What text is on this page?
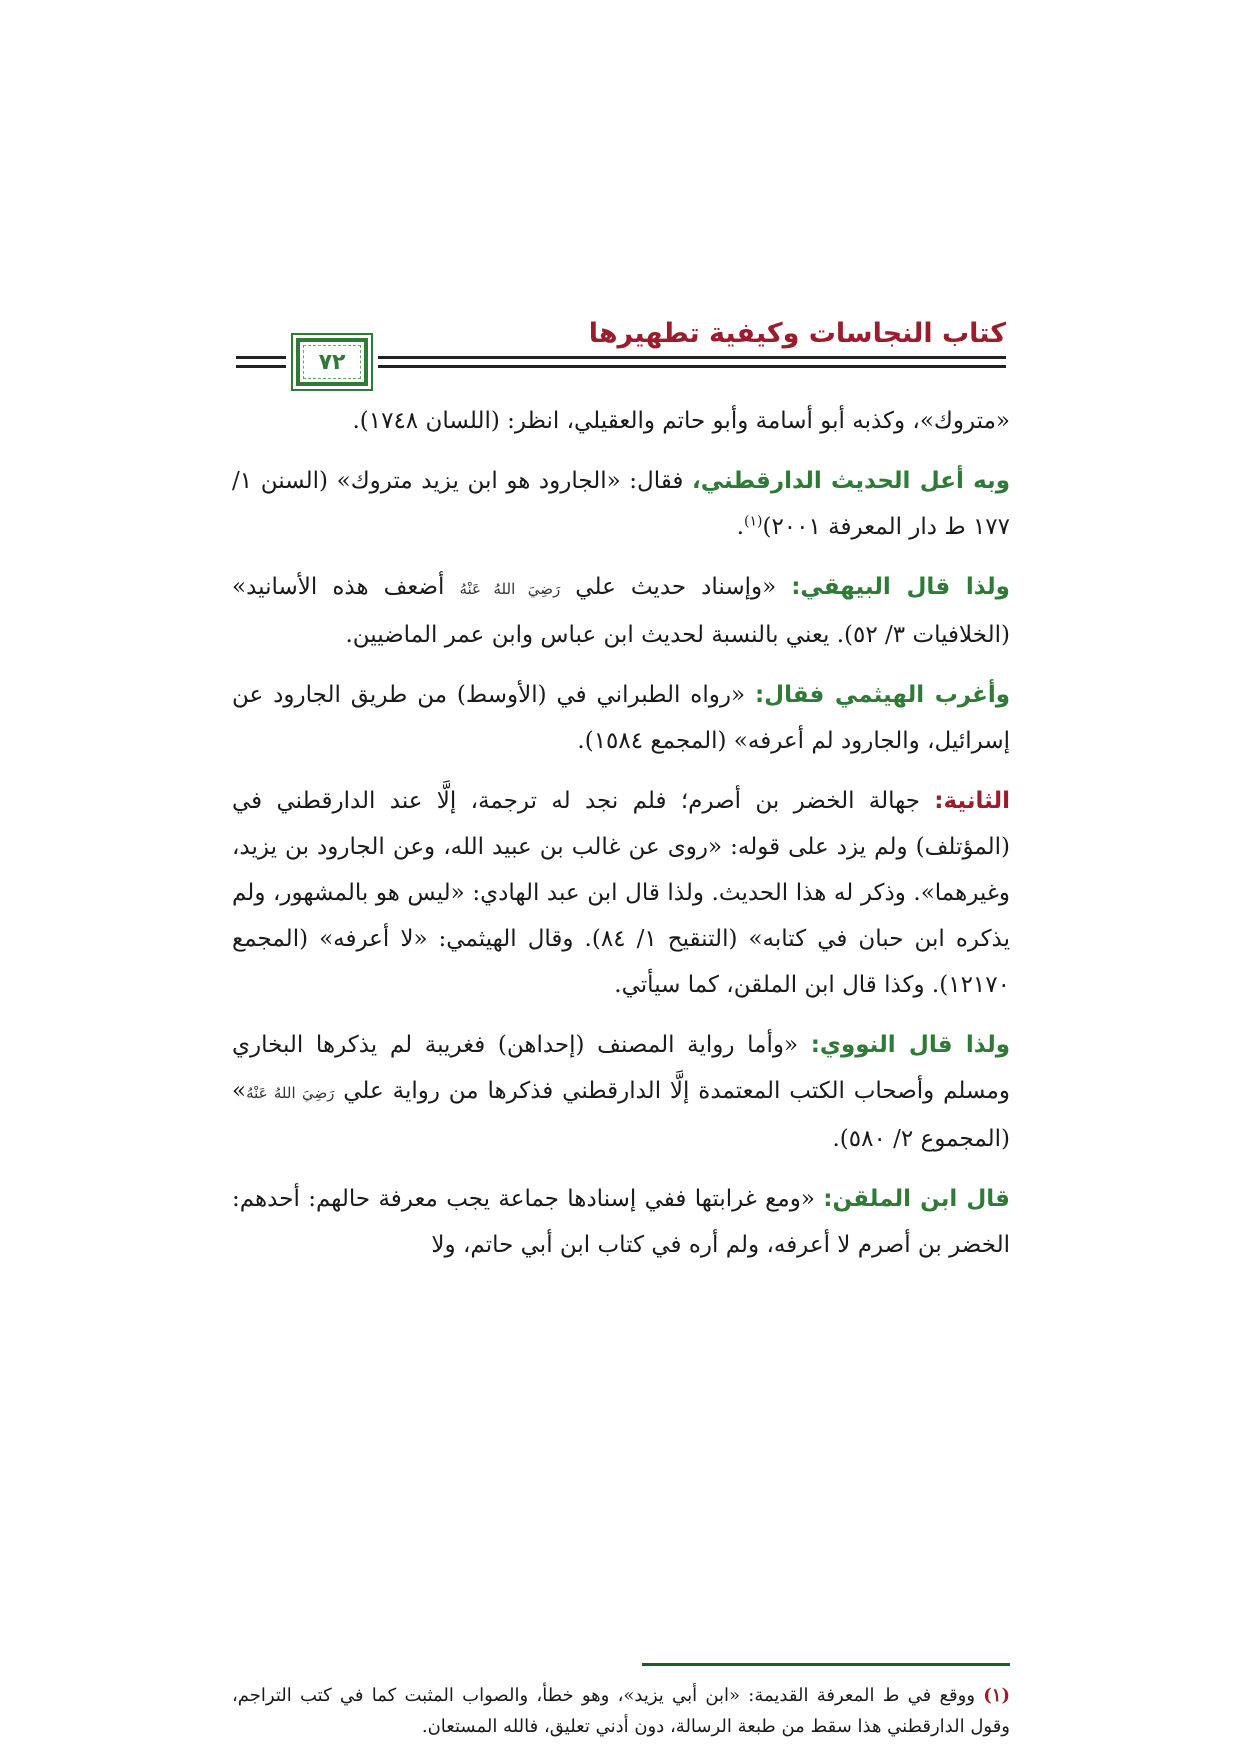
كتاب النجاسات وكيفية تطهيرها
٧٢

«متروك»، وكذبه أبو أسامة وأبو حاتم والعقيلي، انظر: (اللسان ١٧٤٨).

وبه أعل الحديث الدارقطني، فقال: «الجارود هو ابن يزيد متروك» (السنن ١/ ١٧٧ ط دار المعرفة ٢٠٠١)$^{(١)}$.

ولذا قال البيهقي: «وإسناد حديث علي رَضِيَ اللهُ عَنْهُ أضعف هذه الأسانيد» (الخلافيات ٣/ ٥٢). يعني بالنسبة لحديث ابن عباس وابن عمر الماضيين.

وأغرب الهيثمي فقال: «رواه الطبراني في (الأوسط) من طريق الجارود عن إسرائيل، والجارود لم أعرفه» (المجمع ١٥٨٤).

الثانية: جهالة الخضر بن أصرم؛ فلم نجد له ترجمة، إلَّا عند الدارقطني في (المؤتلف) ولم يزد على قوله: «روى عن غالب بن عبيد الله، وعن الجارود بن يزيد، وغيرهما». وذكر له هذا الحديث. ولذا قال ابن عبد الهادي: «ليس هو بالمشهور، ولم يذكره ابن حبان في كتابه» (التنقيح ١/ ٨٤). وقال الهيثمي: «لا أعرفه» (المجمع ١٢١٧٠). وكذا قال ابن الملقن، كما سيأتي.

ولذا قال النووي: «وأما رواية المصنف (إحداهن) فغريبة لم يذكرها البخاري ومسلم وأصحاب الكتب المعتمدة إلَّا الدارقطني فذكرها من رواية علي رَضِيَ اللهُ عَنْهُ» (المجموع ٢/ ٥٨٠).

قال ابن الملقن: «ومع غرابتها ففي إسنادها جماعة يجب معرفة حالهم: أحدهم: الخضر بن أصرم لا أعرفه، ولم أره في كتاب ابن أبي حاتم، ولا

(١) ووقع في ط المعرفة القديمة: «ابن أبي يزيد»، وهو خطأ، والصواب المثبت كما في كتب التراجم، وقول الدارقطني هذا سقط من طبعة الرسالة، دون أدني تعليق، فالله المستعان.
